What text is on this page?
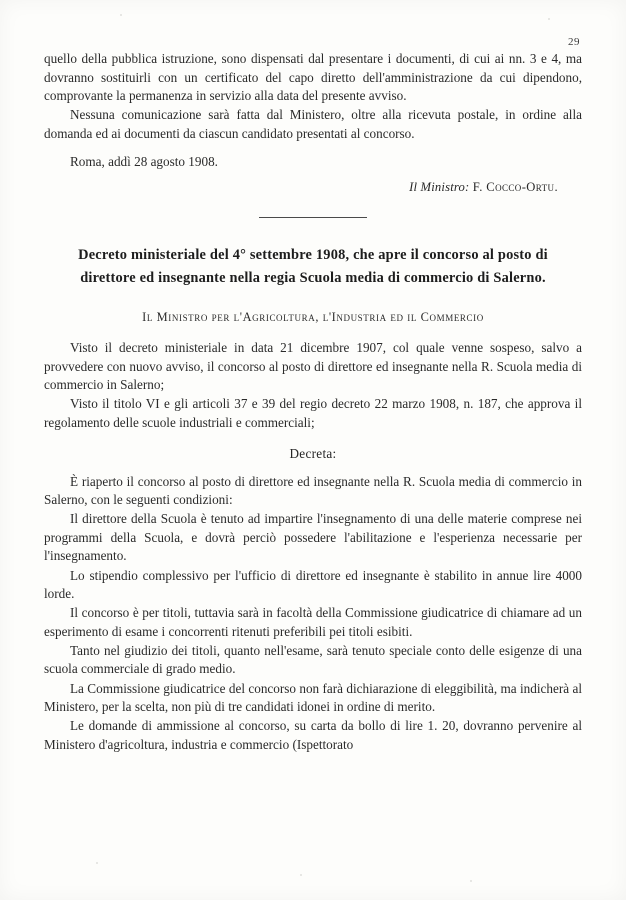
29

quello della pubblica istruzione, sono dispensati dal presentare i documenti, di cui ai nn. 3 e 4, ma dovranno sostituirli con un certificato del capo diretto dell'amministrazione da cui dipendono, comprovante la permanenza in servizio alla data del presente avviso.

Nessuna comunicazione sarà fatta dal Ministero, oltre alla ricevuta postale, in ordine alla domanda ed ai documenti da ciascun candidato presentati al concorso.

Roma, addì 28 agosto 1908.

Il Ministro: F. Cocco-Ortu.
Decreto ministeriale del 4° settembre 1908, che apre il concorso al posto di direttore ed insegnante nella regia Scuola media di commercio di Salerno.
Il Ministro per l'Agricoltura, l'Industria ed il Commercio

Visto il decreto ministeriale in data 21 dicembre 1907, col quale venne sospeso, salvo a provvedere con nuovo avviso, il concorso al posto di direttore ed insegnante nella R. Scuola media di commercio in Salerno;

Visto il titolo VI e gli articoli 37 e 39 del regio decreto 22 marzo 1908, n. 187, che approva il regolamento delle scuole industriali e commerciali;

Decreta:

È riaperto il concorso al posto di direttore ed insegnante nella R. Scuola media di commercio in Salerno, con le seguenti condizioni:

Il direttore della Scuola è tenuto ad impartire l'insegnamento di una delle materie comprese nei programmi della Scuola, e dovrà perciò possedere l'abilitazione e l'esperienza necessarie per l'insegnamento.

Lo stipendio complessivo per l'ufficio di direttore ed insegnante è stabilito in annue lire 4000 lorde.

Il concorso è per titoli, tuttavia sarà in facoltà della Commissione giudicatrice di chiamare ad un esperimento di esame i concorrenti ritenuti preferibili pei titoli esibiti.

Tanto nel giudizio dei titoli, quanto nell'esame, sarà tenuto speciale conto delle esigenze di una scuola commerciale di grado medio.

La Commissione giudicatrice del concorso non farà dichiarazione di eleggibilità, ma indicherà al Ministero, per la scelta, non più di tre candidati idonei in ordine di merito.

Le domande di ammissione al concorso, su carta da bollo di lire 1. 20, dovranno pervenire al Ministero d'agricoltura, industria e commercio (Ispettorato
